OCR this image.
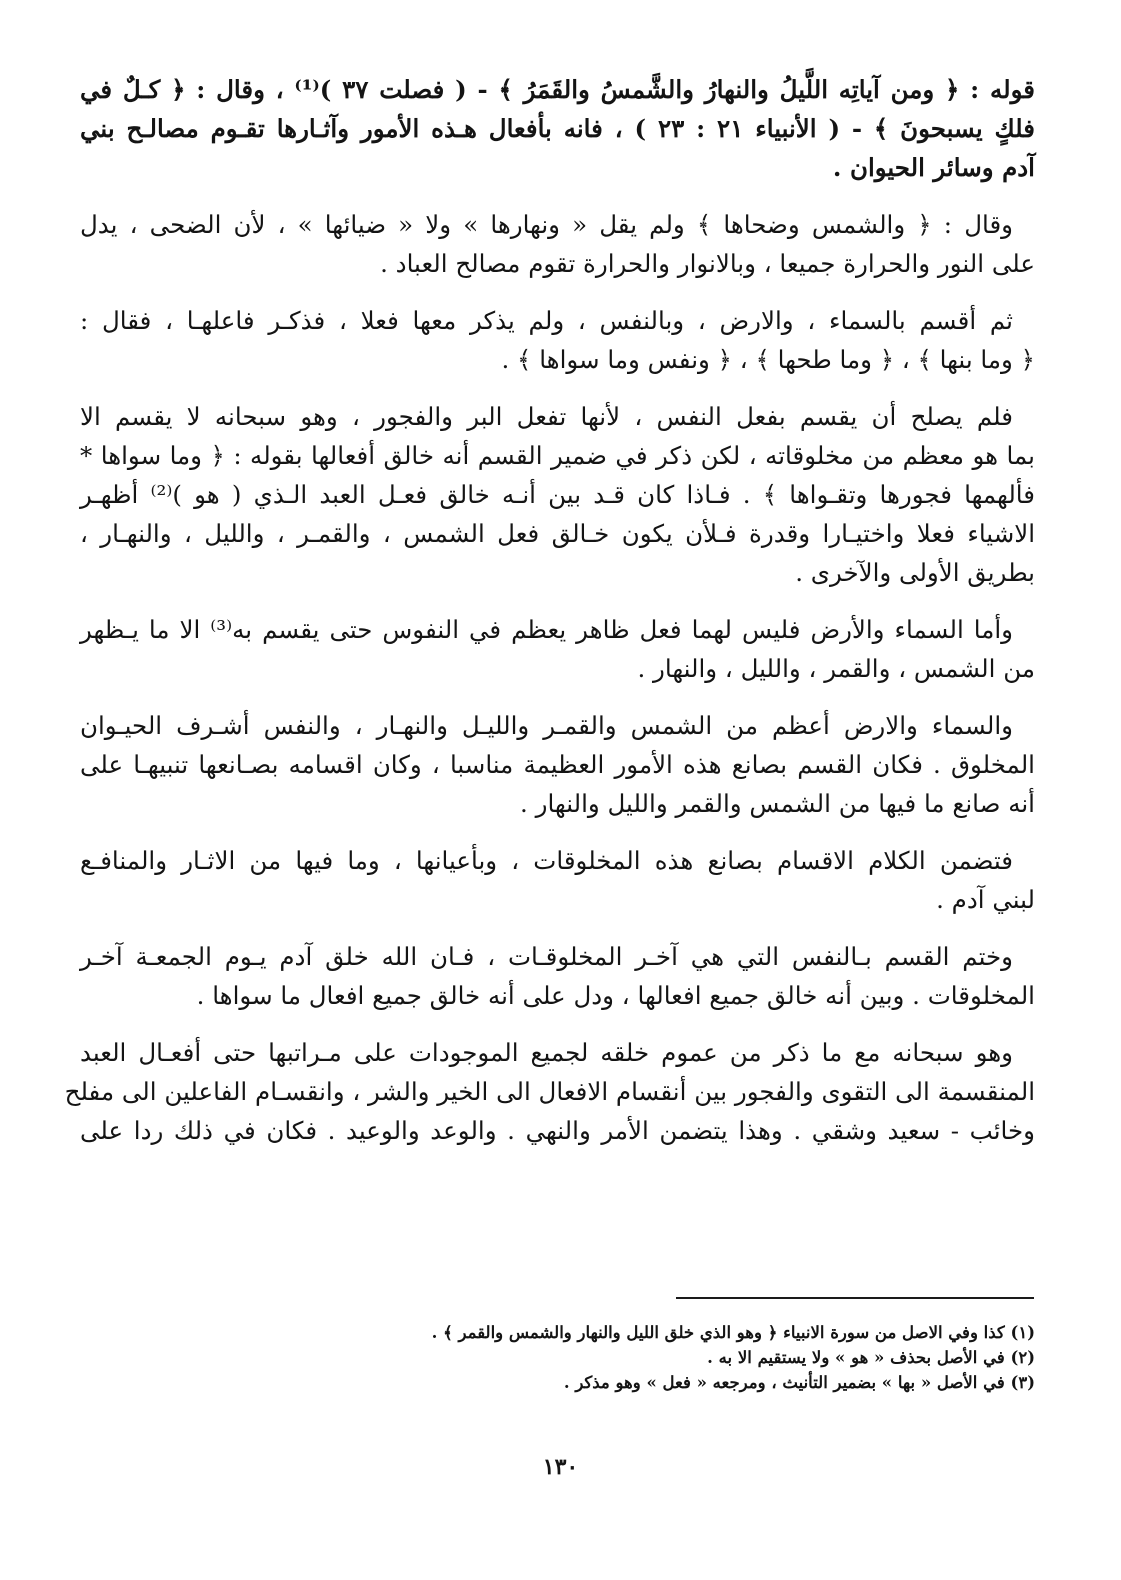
قوله : ﴿ ومن آياتِه اللَّيلُ والنهارُ والشَّمسُ والقَمَرُ ﴾ - ( فصلت ٣٧ )⁽¹⁾ ، وقال : ﴿ كـلٌ في
فلكٍ يسبحونَ ﴾ - ( الأنبياء ٢١ : ٢٣ ) ، فانه بأفعال هـذه الأمور وآثـارها تقـوم مصالـح بني
آدم وسائر الحيوان .

وقال : ﴿ والشمس وضحاها ﴾ ولم يقل « ونهارها » ولا « ضيائها » ، لأن الضحى ، يدل
على النور والحرارة جميعا ، وبالانوار والحرارة تقوم مصالح العباد .

ثم أقسم بالسماء ، والارض ، وبالنفس ، ولم يذكر معها فعلا ، فذكـر فاعلهـا ، فقال :
﴿ وما بنها ﴾ ، ﴿ وما طحها ﴾ ، ﴿ ونفس وما سواها ﴾ .

فلم يصلح أن يقسم بفعل النفس ، لأنها تفعل البر والفجور ، وهو سبحانه لا يقسم الا
بما هو معظم من مخلوقاته ، لكن ذكر في ضمير القسم أنه خالق أفعالها بقوله : ﴿ وما سواها *
فألهمها فجورها وتقـواها ﴾ . فـاذا كان قـد بين أنـه خالق فعـل العبد الـذي ( هو )⁽²⁾ أظهـر
الاشياء فعلا واختيـارا وقدرة فـلأن يكون خـالق فعل الشمس ، والقمـر ، والليل ، والنهـار ،
بطريق الأولى والآخرى .

وأما السماء والأرض فليس لهما فعل ظاهر يعظم في النفوس حتى يقسم به⁽³⁾ الا ما يـظهر
من الشمس ، والقمر ، والليل ، والنهار .

والسماء والارض أعظم من الشمس والقمـر والليـل والنهـار ، والنفس أشـرف الحيـوان
المخلوق . فكان القسم بصانع هذه الأمور العظيمة مناسبا ، وكان اقسامه بصـانعها تنبيهـا على
أنه صانع ما فيها من الشمس والقمر والليل والنهار .

فتضمن الكلام الاقسام بصانع هذه المخلوقات ، وبأعيانها ، وما فيها من الاثـار والمنافـع
لبني آدم .

وختم القسم بـالنفس التي هي آخـر المخلوقـات ، فـان الله خلق آدم يـوم الجمعـة آخـر
المخلوقات . وبين أنه خالق جميع افعالها ، ودل على أنه خالق جميع افعال ما سواها .

وهو سبحانه مع ما ذكر من عموم خلقه لجميع الموجودات على مـراتبها حتى أفعـال العبد
المنقسمة الى التقوى والفجور بين أنقسام الافعال الى الخير والشر ، وانقسـام الفاعلين الى مفلح
وخائب - سعيد وشقي . وهذا يتضمن الأمر والنهي . والوعد والوعيد . فكان في ذلك ردا على

(١) كذا وفي الاصل من سورة الانبياء ﴿ وهو الذي خلق الليل والنهار والشمس والقمر ﴾ .
(٢) في الأصل بحذف « هو » ولا يستقيم الا به .
(٣) في الأصل « بها » بضمير التأنيث ، ومرجعه « فعل » وهو مذكر .
١٣٠
